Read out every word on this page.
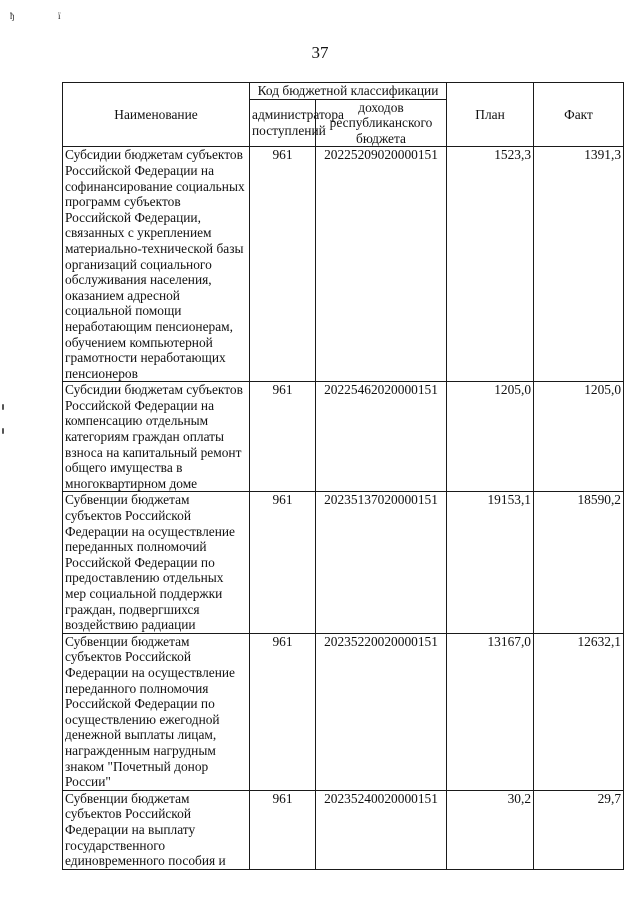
ђ	ї
37
Наименование	Код бюджетной классификации		План	Факт
	администратора поступлений	доходов республиканского бюджета		
Субсидии бюджетам субъектов Российской Федерации на софинансирование социальных программ субъектов Российской Федерации, связанных с укреплением материально-технической базы организаций социального обслуживания населения, оказанием адресной социальной помощи неработающим пенсионерам, обучением компьютерной грамотности неработающих пенсионеров	961	20225209020000151	1523,3	1391,3
Субсидии бюджетам субъектов Российской Федерации на компенсацию отдельным категориям граждан оплаты взноса на капитальный ремонт общего имущества в многоквартирном доме	961	20225462020000151	1205,0	1205,0
Субвенции бюджетам субъектов Российской Федерации на осуществление переданных полномочий Российской Федерации по предоставлению отдельных мер социальной поддержки граждан, подвергшихся воздействию радиации	961	20235137020000151	19153,1	18590,2
Субвенции бюджетам субъектов Российской Федерации на осуществление переданного полномочия Российской Федерации по осуществлению ежегодной денежной выплаты лицам, награжденным нагрудным знаком "Почетный донор России"	961	20235220020000151	13167,0	12632,1
Субвенции бюджетам субъектов Российской Федерации на выплату государственного единовременного пособия и	961	20235240020000151	30,2	29,7
